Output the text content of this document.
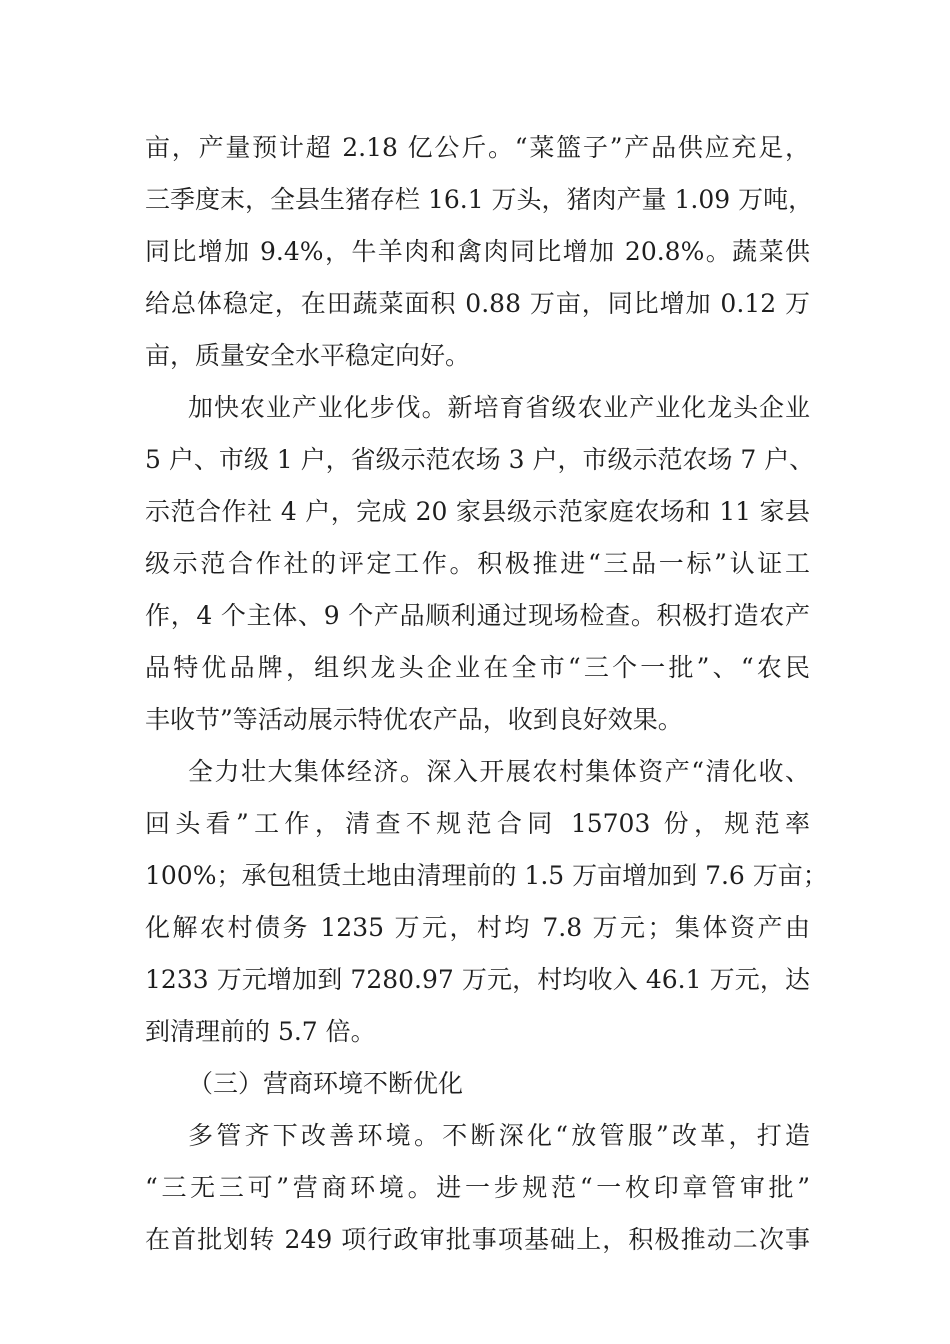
亩，产量预计超 2.18 亿公斤。“菜篮子”产品供应充足，
三季度末，全县生猪存栏 16.1 万头，猪肉产量 1.09 万吨，
同比增加 9.4%，牛羊肉和禽肉同比增加 20.8%。蔬菜供
给总体稳定，在田蔬菜面积 0.88 万亩，同比增加 0.12 万
亩，质量安全水平稳定向好。
加快农业产业化步伐。新培育省级农业产业化龙头企业
5 户、市级 1 户，省级示范农场 3 户，市级示范农场 7 户、
示范合作社 4 户，完成 20 家县级示范家庭农场和 11 家县
级示范合作社的评定工作。积极推进“三品一标”认证工
作，4 个主体、9 个产品顺利通过现场检查。积极打造农产
品特优品牌，组织龙头企业在全市“三个一批”、“农民
丰收节”等活动展示特优农产品，收到良好效果。
全力壮大集体经济。深入开展农村集体资产“清化收、
回头看”工作，清查不规范合同 15703 份，规范率
100%；承包租赁土地由清理前的 1.5 万亩增加到 7.6 万亩；
化解农村债务 1235 万元，村均 7.8 万元；集体资产由
1233 万元增加到 7280.97 万元，村均收入 46.1 万元，达
到清理前的 5.7 倍。
（三）营商环境不断优化
多管齐下改善环境。不断深化“放管服”改革，打造
“三无三可”营商环境。进一步规范“一枚印章管审批”
在首批划转 249 项行政审批事项基础上，积极推动二次事
